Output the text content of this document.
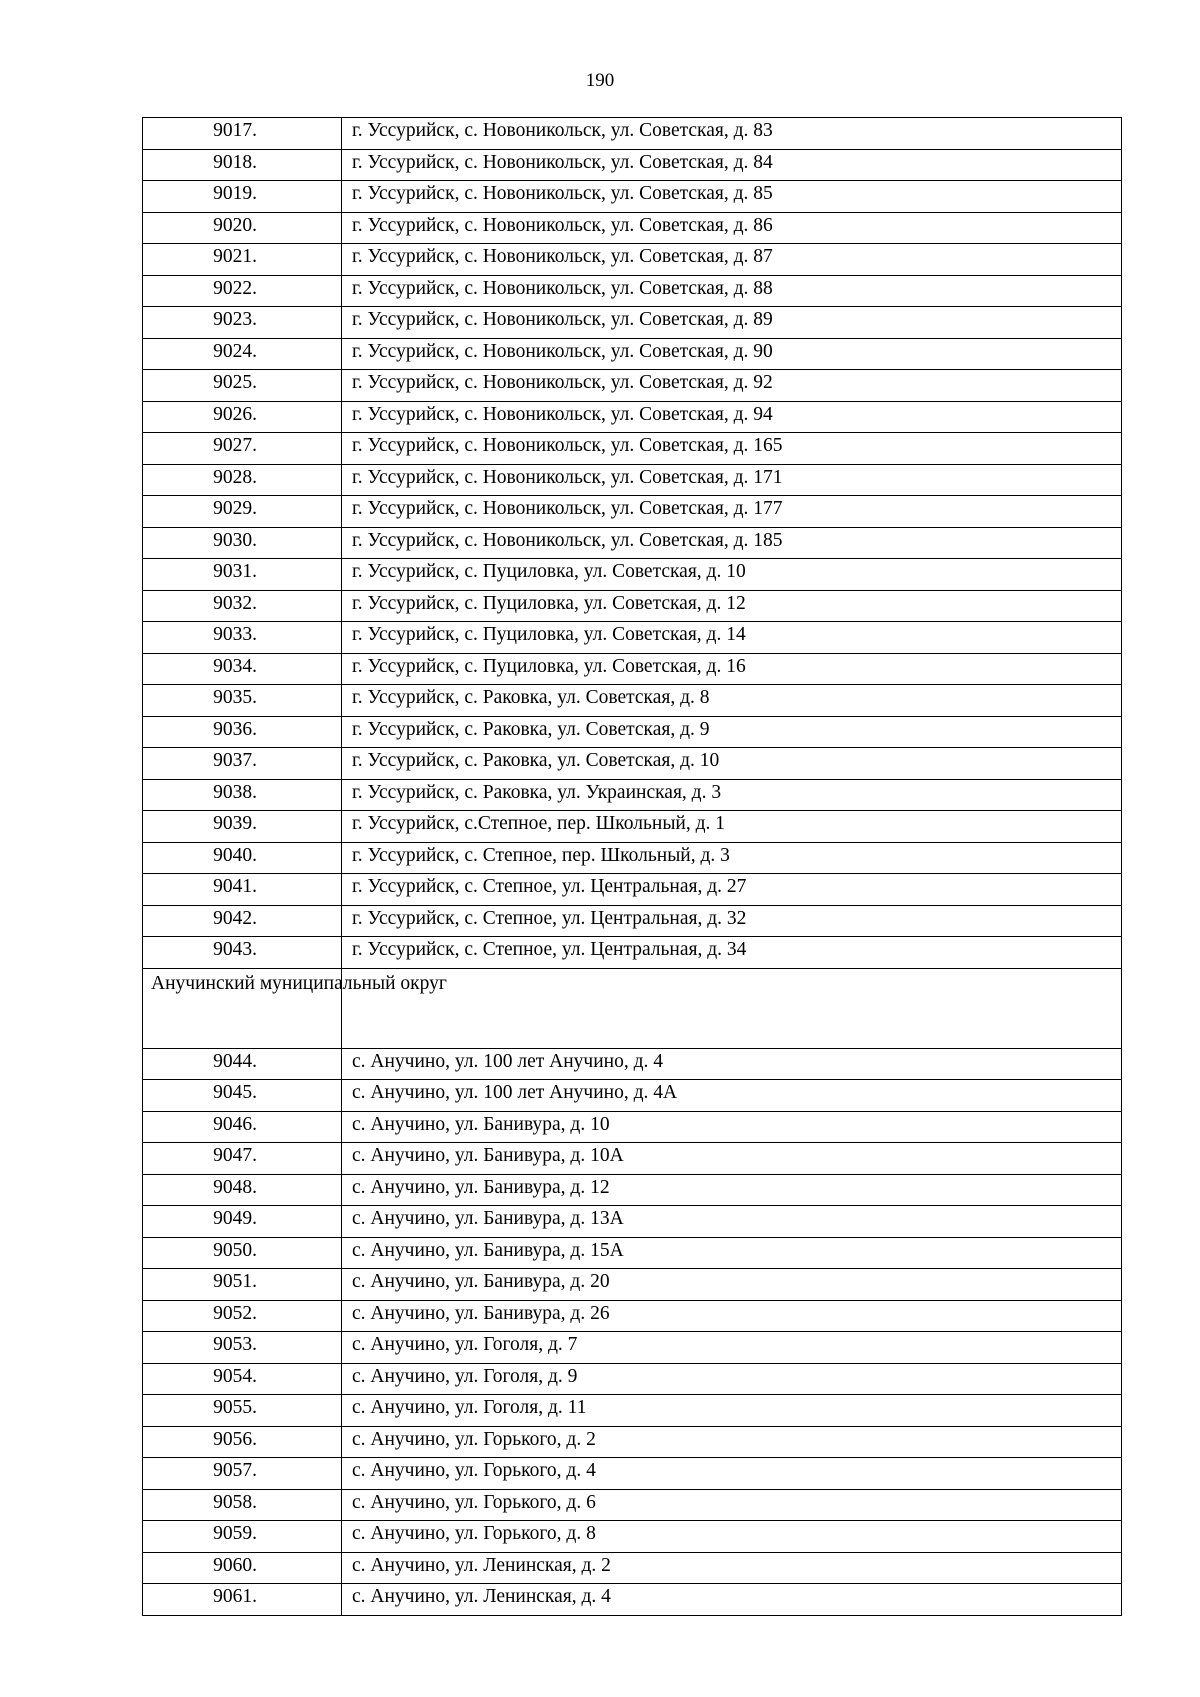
190
9017.	г. Уссурийск, с. Новоникольск, ул. Советская, д. 83
9018.	г. Уссурийск, с. Новоникольск, ул. Советская, д. 84
9019.	г. Уссурийск, с. Новоникольск, ул. Советская, д. 85
9020.	г. Уссурийск, с. Новоникольск, ул. Советская, д. 86
9021.	г. Уссурийск, с. Новоникольск, ул. Советская, д. 87
9022.	г. Уссурийск, с. Новоникольск, ул. Советская, д. 88
9023.	г. Уссурийск, с. Новоникольск, ул. Советская, д. 89
9024.	г. Уссурийск, с. Новоникольск, ул. Советская, д. 90
9025.	г. Уссурийск, с. Новоникольск, ул. Советская, д. 92
9026.	г. Уссурийск, с. Новоникольск, ул. Советская, д. 94
9027.	г. Уссурийск, с. Новоникольск, ул. Советская, д. 165
9028.	г. Уссурийск, с. Новоникольск, ул. Советская, д. 171
9029.	г. Уссурийск, с. Новоникольск, ул. Советская, д. 177
9030.	г. Уссурийск, с. Новоникольск, ул. Советская, д. 185
9031.	г. Уссурийск, с. Пуциловка, ул. Советская, д. 10
9032.	г. Уссурийск, с. Пуциловка, ул. Советская, д. 12
9033.	г. Уссурийск, с. Пуциловка, ул. Советская, д. 14
9034.	г. Уссурийск, с. Пуциловка, ул. Советская, д. 16
9035.	г. Уссурийск, с. Раковка, ул. Советская, д. 8
9036.	г. Уссурийск, с. Раковка, ул. Советская, д. 9
9037.	г. Уссурийск, с. Раковка, ул. Советская, д. 10
9038.	г. Уссурийск, с. Раковка, ул. Украинская, д. 3
9039.	г. Уссурийск, с.Степное, пер. Школьный, д. 1
9040.	г. Уссурийск, с. Степное, пер. Школьный, д. 3
9041.	г. Уссурийск, с. Степное, ул. Центральная, д. 27
9042.	г. Уссурийск, с. Степное, ул. Центральная, д. 32
9043.	г. Уссурийск, с. Степное, ул. Центральная, д. 34
Анучинский муниципальный округ	
9044.	с. Анучино, ул. 100 лет Анучино, д. 4
9045.	с. Анучино, ул. 100 лет Анучино, д. 4А
9046.	с. Анучино, ул. Банивура, д. 10
9047.	с. Анучино, ул. Банивура, д. 10А
9048.	с. Анучино, ул. Банивура, д. 12
9049.	с. Анучино, ул. Банивура, д. 13А
9050.	с. Анучино, ул. Банивура, д. 15А
9051.	с. Анучино, ул. Банивура, д. 20
9052.	с. Анучино, ул. Банивура, д. 26
9053.	с. Анучино, ул. Гоголя, д. 7
9054.	с. Анучино, ул. Гоголя, д. 9
9055.	с. Анучино, ул. Гоголя, д. 11
9056.	с. Анучино, ул. Горького, д. 2
9057.	с. Анучино, ул. Горького, д. 4
9058.	с. Анучино, ул. Горького, д. 6
9059.	с. Анучино, ул. Горького, д. 8
9060.	с. Анучино, ул. Ленинская, д. 2
9061.	с. Анучино, ул. Ленинская, д. 4
